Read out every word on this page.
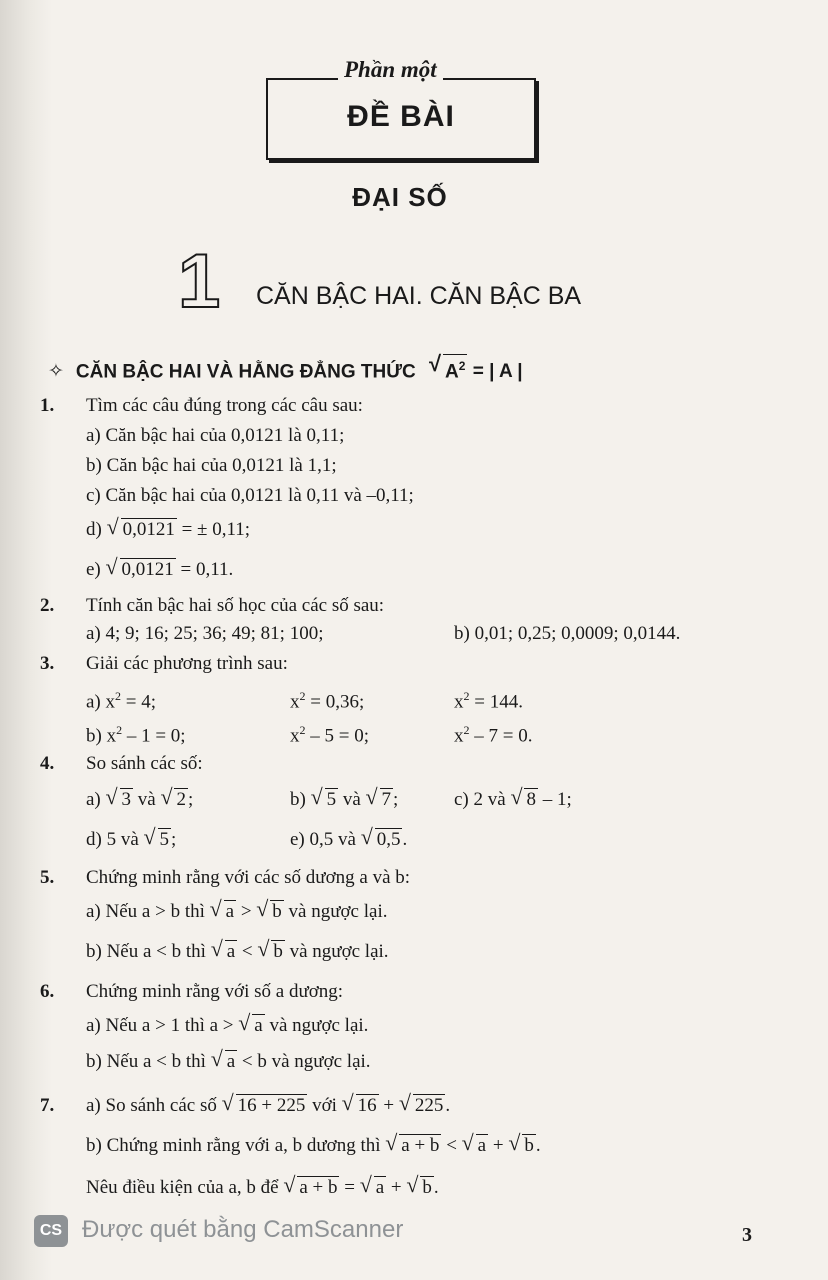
Phần một
ĐỀ BÀI
ĐẠI SỐ
1 CĂN BẬC HAI. CĂN BẬC BA
✧ CĂN BẬC HAI VÀ HẰNG ĐẲNG THỨC √ $A^2$ = | A |
1. Tìm các câu đúng trong các câu sau:
a) Căn bậc hai của 0,0121 là 0,11;
b) Căn bậc hai của 0,0121 là 1,1;
c) Căn bậc hai của 0,0121 là 0,11 và –0,11;
d) √ 0,0121 = ± 0,11;
e) √ 0,0121 = 0,11.
2. Tính căn bậc hai số học của các số sau:
a) 4; 9; 16; 25; 36; 49; 81; 100;	b) 0,01; 0,25; 0,0009; 0,0144.
3. Giải các phương trình sau:
a) $x^2 = 4$;	$x^2 = 0,36$;	$x^2 = 144$.
b) $x^2 - 1 = 0$;	$x^2 - 5 = 0$;	$x^2 - 7 = 0$.
4. So sánh các số:
a) √ 3 và √ 2 ;	b) √ 5 và √ 7 ;	c) 2 và √ 8 – 1;
d) 5 và √ 5 ;	e) 0,5 và √ 0,5 .
5. Chứng minh rằng với các số dương a và b:
a) Nếu a > b thì √ a > √ b và ngược lại.
b) Nếu a < b thì √ a < √ b và ngược lại.
6. Chứng minh rằng với số a dương:
a) Nếu a > 1 thì a > √ a và ngược lại.
b) Nếu a < b thì √ a < b và ngược lại.
7. a) So sánh các số √ 16 + 225 với √ 16 + √ 225 .
b) Chứng minh rằng với a, b dương thì √ a + b < √ a + √ b .
Nêu điều kiện của a, b để √ a + b = √ a + √ b .
CS Được quét bằng CamScanner	3
